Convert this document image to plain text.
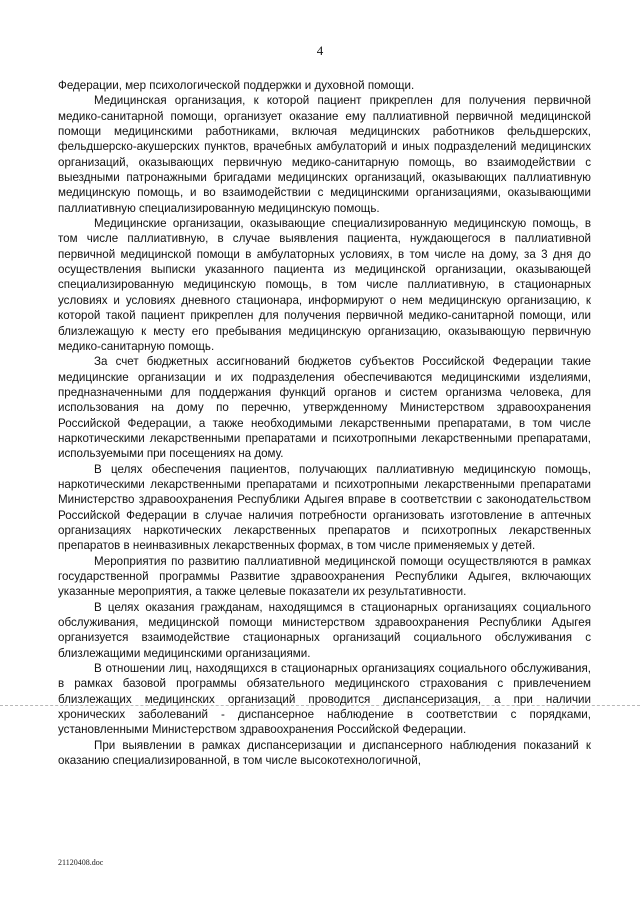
4

Федерации, мер психологической поддержки и духовной помощи.

Медицинская организация, к которой пациент прикреплен для получения первичной медико-санитарной помощи, организует оказание ему паллиативной первичной медицинской помощи медицинскими работниками, включая медицинских работников фельдшерских, фельдшерско-акушерских пунктов, врачебных амбулаторий и иных подразделений медицинских организаций, оказывающих первичную медико-санитарную помощь, во взаимодействии с выездными патронажными бригадами медицинских организаций, оказывающих паллиативную медицинскую помощь, и во взаимодействии с медицинскими организациями, оказывающими паллиативную специализированную медицинскую помощь.

Медицинские организации, оказывающие специализированную медицинскую помощь, в том числе паллиативную, в случае выявления пациента, нуждающегося в паллиативной первичной медицинской помощи в амбулаторных условиях, в том числе на дому, за 3 дня до осуществления выписки указанного пациента из медицинской организации, оказывающей специализированную медицинскую помощь, в том числе паллиативную, в стационарных условиях и условиях дневного стационара, информируют о нем медицинскую организацию, к которой такой пациент прикреплен для получения первичной медико-санитарной помощи, или близлежащую к месту его пребывания медицинскую организацию, оказывающую первичную медико-санитарную помощь.

За счет бюджетных ассигнований бюджетов субъектов Российской Федерации такие медицинские организации и их подразделения обеспечиваются медицинскими изделиями, предназначенными для поддержания функций органов и систем организма человека, для использования на дому по перечню, утвержденному Министерством здравоохранения Российской Федерации, а также необходимыми лекарственными препаратами, в том числе наркотическими лекарственными препаратами и психотропными лекарственными препаратами, используемыми при посещениях на дому.

В целях обеспечения пациентов, получающих паллиативную медицинскую помощь, наркотическими лекарственными препаратами и психотропными лекарственными препаратами Министерство здравоохранения Республики Адыгея вправе в соответствии с законодательством Российской Федерации в случае наличия потребности организовать изготовление в аптечных организациях наркотических лекарственных препаратов и психотропных лекарственных препаратов в неинвазивных лекарственных формах, в том числе применяемых у детей.

Мероприятия по развитию паллиативной медицинской помощи осуществляются в рамках государственной программы Развитие здравоохранения Республики Адыгея, включающих указанные мероприятия, а также целевые показатели их результативности.

В целях оказания гражданам, находящимся в стационарных организациях социального обслуживания, медицинской помощи министерством здравоохранения Республики Адыгея организуется взаимодействие стационарных организаций социального обслуживания с близлежащими медицинскими организациями.

В отношении лиц, находящихся в стационарных организациях социального обслуживания, в рамках базовой программы обязательного медицинского страхования с привлечением близлежащих медицинских организаций проводится диспансеризация, а при наличии хронических заболеваний - диспансерное наблюдение в соответствии с порядками, установленными Министерством здравоохранения Российской Федерации.

При выявлении в рамках диспансеризации и диспансерного наблюдения показаний к оказанию специализированной, в том числе высокотехнологичной,

21120408.doc
